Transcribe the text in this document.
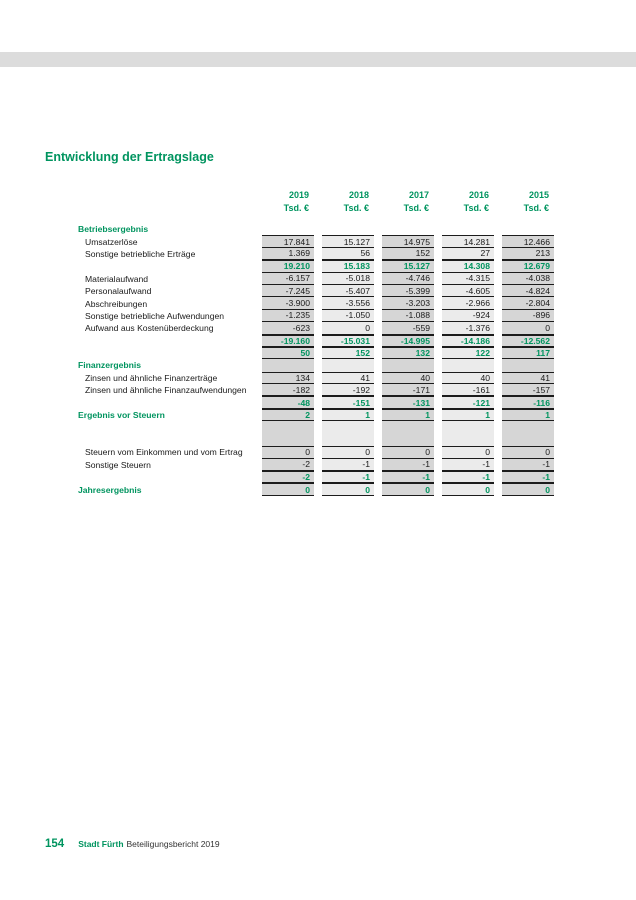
Entwicklung der Ertragslage
2019	2018	2017	2016	2015
Tsd. €	Tsd. €	Tsd. €	Tsd. €	Tsd. €
Betriebsergebnis
Umsatzerlöse	17.841	15.127	14.975	14.281	12.466
Sonstige betriebliche Erträge	1.369	56	152	27	213
19.210	15.183	15.127	14.308	12.679
Materialaufwand	-6.157	-5.018	-4.746	-4.315	-4.038
Personalaufwand	-7.245	-5.407	-5.399	-4.605	-4.824
Abschreibungen	-3.900	-3.556	-3.203	-2.966	-2.804
Sonstige betriebliche Aufwendungen	-1.235	-1.050	-1.088	-924	-896
Aufwand aus Kostenüberdeckung	-623	0	-559	-1.376	0
-19.160	-15.031	-14.995	-14.186	-12.562
50	152	132	122	117
Finanzergebnis
Zinsen und ähnliche Finanzerträge	134	41	40	40	41
Zinsen und ähnliche Finanzaufwendungen	-182	-192	-171	-161	-157
-48	-151	-131	-121	-116
Ergebnis vor Steuern	2	1	1	1	1
Steuern vom Einkommen und vom Ertrag	0	0	0	0	0
Sonstige Steuern	-2	-1	-1	-1	-1
-2	-1	-1	-1	-1
Jahresergebnis	0	0	0	0	0
154 Stadt Fürth Beteiligungsbericht 2019
